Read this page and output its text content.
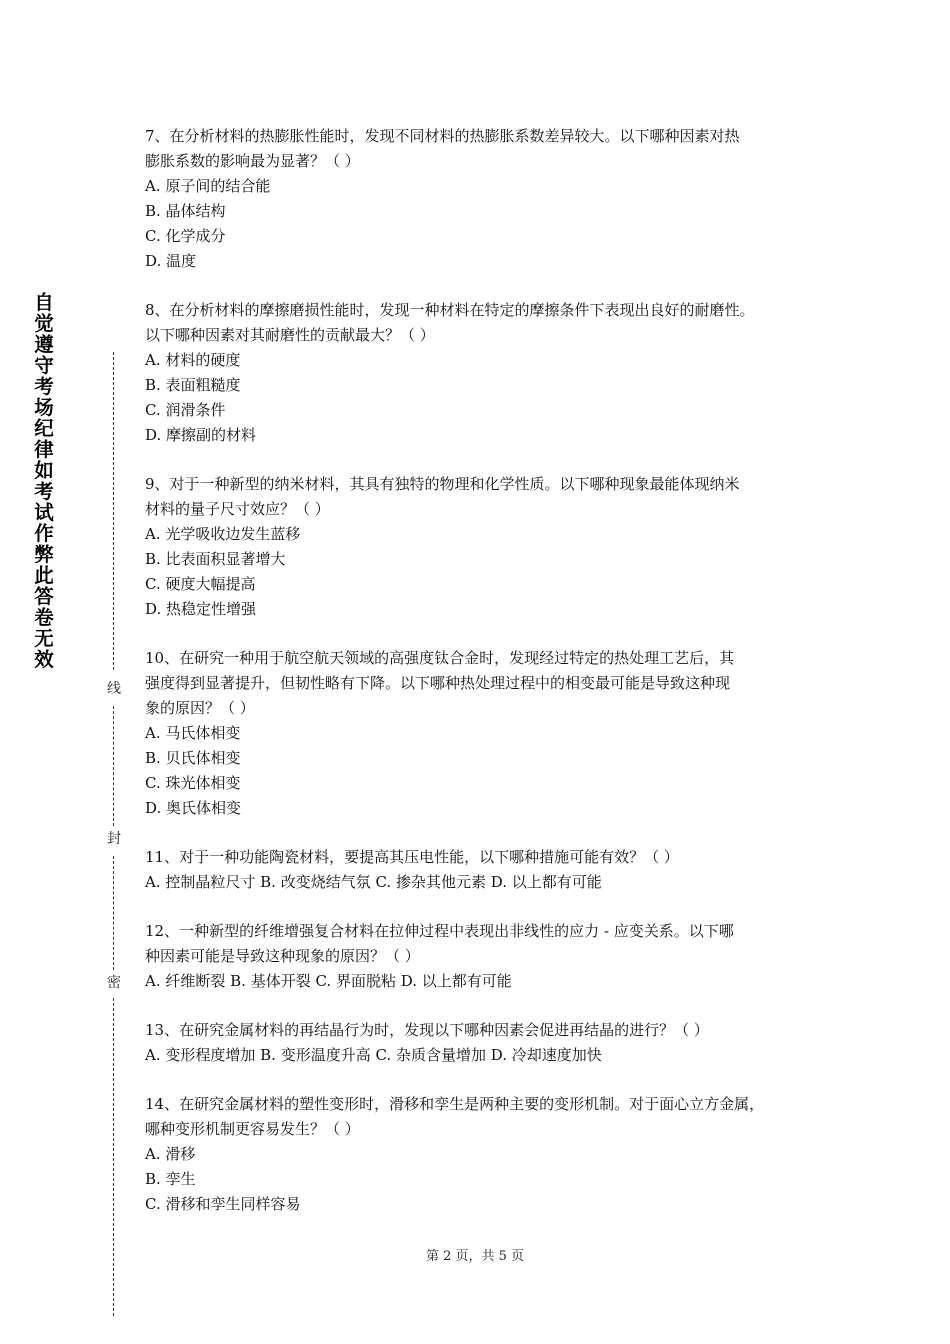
自
觉
遵
守
考
场
纪
律
如
考
试
作
弊
此
答
卷
无
效
线
封
密
7、在分析材料的热膨胀性能时，发现不同材料的热膨胀系数差异较大。以下哪种因素对热
膨胀系数的影响最为显著？（ ）
A. 原子间的结合能
B. 晶体结构
C. 化学成分
D. 温度
8、在分析材料的摩擦磨损性能时，发现一种材料在特定的摩擦条件下表现出良好的耐磨性。
以下哪种因素对其耐磨性的贡献最大？（ ）
A. 材料的硬度
B. 表面粗糙度
C. 润滑条件
D. 摩擦副的材料
9、对于一种新型的纳米材料，其具有独特的物理和化学性质。以下哪种现象最能体现纳米
材料的量子尺寸效应？（ ）
A. 光学吸收边发生蓝移
B. 比表面积显著增大
C. 硬度大幅提高
D. 热稳定性增强
10、在研究一种用于航空航天领域的高强度钛合金时，发现经过特定的热处理工艺后，其
强度得到显著提升，但韧性略有下降。以下哪种热处理过程中的相变最可能是导致这种现
象的原因？（ ）
A. 马氏体相变
B. 贝氏体相变
C. 珠光体相变
D. 奥氏体相变
11、对于一种功能陶瓷材料，要提高其压电性能，以下哪种措施可能有效？（ ）
A. 控制晶粒尺寸 B. 改变烧结气氛 C. 掺杂其他元素 D. 以上都有可能
12、一种新型的纤维增强复合材料在拉伸过程中表现出非线性的应力 - 应变关系。以下哪
种因素可能是导致这种现象的原因？（ ）
A. 纤维断裂 B. 基体开裂 C. 界面脱粘 D. 以上都有可能
13、在研究金属材料的再结晶行为时，发现以下哪种因素会促进再结晶的进行？（ ）
A. 变形程度增加 B. 变形温度升高 C. 杂质含量增加 D. 冷却速度加快
14、在研究金属材料的塑性变形时，滑移和孪生是两种主要的变形机制。对于面心立方金属，
哪种变形机制更容易发生？（ ）
A. 滑移
B. 孪生
C. 滑移和孪生同样容易
第 2 页，共 5 页
